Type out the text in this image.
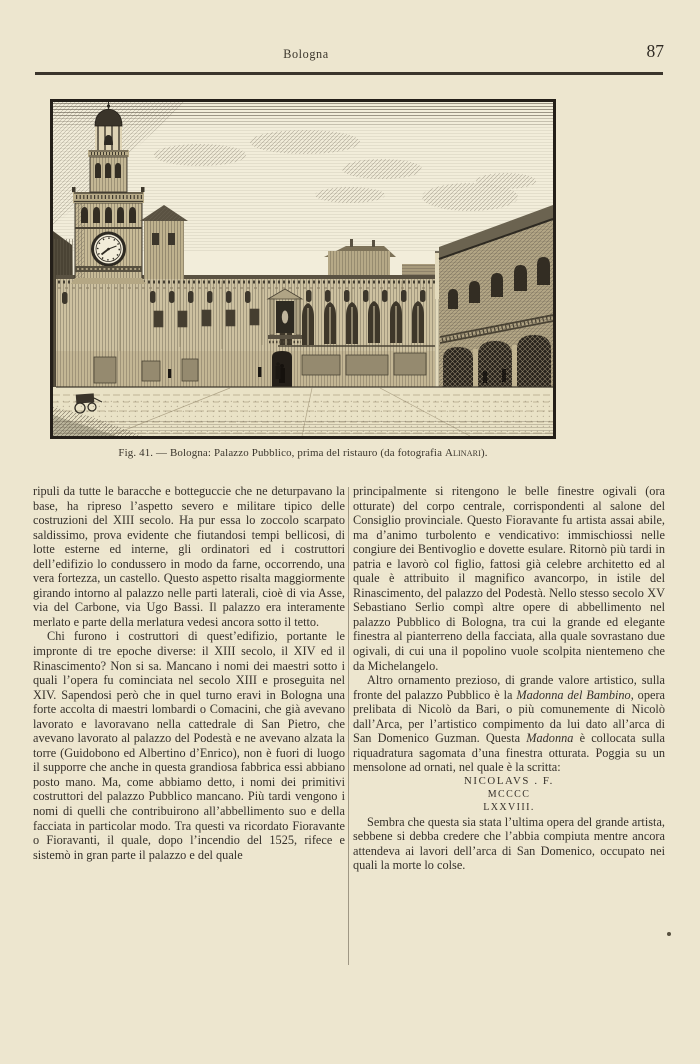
Bologna	87
Fig. 41. — Bologna: Palazzo Pubblico, prima del ristauro (da fotografia Alinari).

ripuli da tutte le baracche e botteguccie che ne deturpavano la base, ha ripreso l’aspetto severo e militare tipico delle costruzioni del XIII secolo. Ha pur essa lo zoccolo scarpato saldissimo, prova evidente che fiutandosi tempi bellicosi, di lotte esterne ed interne, gli ordinatori ed i costruttori dell’edifizio lo condussero in modo da farne, occorrendo, una vera fortezza, un castello. Questo aspetto risalta maggiormente girando intorno al palazzo nelle parti laterali, cioè di via Asse, via del Carbone, via Ugo Bassi. Il palazzo era interamente merlato e parte della merlatura vedesi ancora sotto il tetto.

Chi furono i costruttori di quest’edifizio, portante le impronte di tre epoche diverse: il XIII secolo, il XIV ed il Rinascimento? Non si sa. Mancano i nomi dei maestri sotto i quali l’opera fu cominciata nel secolo XIII e proseguita nel XIV. Sapendosi però che in quel turno eravi in Bologna una forte accolta di maestri lombardi o Comacini, che già avevano lavorato e lavoravano nella cattedrale di San Pietro, che avevano lavorato al palazzo del Podestà e ne avevano alzata la torre (Guidobono ed Albertino d’Enrico), non è fuori di luogo il supporre che anche in questa grandiosa fabbrica essi abbiano posto mano. Ma, come abbiamo detto, i nomi dei primitivi costruttori del palazzo Pubblico mancano. Più tardi vengono i nomi di quelli che contribuirono all’abbellimento suo e della facciata in particolar modo. Tra questi va ricordato Fioravante o Fioravanti, il quale, dopo l’incendio del 1525, rifece e sistemò in gran parte il palazzo e del quale

principalmente si ritengono le belle finestre ogivali (ora otturate) del corpo centrale, corrispondenti al salone del Consiglio provinciale. Questo Fioravante fu artista assai abile, ma d’animo turbolento e vendicativo: immischiossi nelle congiure dei Bentivoglio e dovette esulare. Ritornò più tardi in patria e lavorò col figlio, fattosi già celebre architetto ed al quale è attribuito il magnifico avancorpo, in istile del Rinascimento, del palazzo del Podestà. Nello stesso secolo XV Sebastiano Serlio compì altre opere di abbellimento nel palazzo Pubblico di Bologna, tra cui la grande ed elegante finestra al pianterreno della facciata, alla quale sovrastano due ogivali, di cui una il popolino vuole scolpita nientemeno che da Michelangelo.

Altro ornamento prezioso, di grande valore artistico, sulla fronte del palazzo Pubblico è la Madonna del Bambino, opera prelibata di Nicolò da Bari, o più comunemente di Nicolò dall’Arca, per l’artistico compimento da lui dato all’arca di San Domenico Guzman. Questa Madonna è collocata sulla riquadratura sagomata d’una finestra otturata. Poggia su un mensolone ad ornati, nel quale è la scritta:

NICOLAVS . F.

MCCCC

LXXVIII.

Sembra che questa sia stata l’ultima opera del grande artista, sebbene si debba credere che l’abbia compiuta mentre ancora attendeva ai lavori dell’arca di San Domenico, occupato nei quali la morte lo colse.
